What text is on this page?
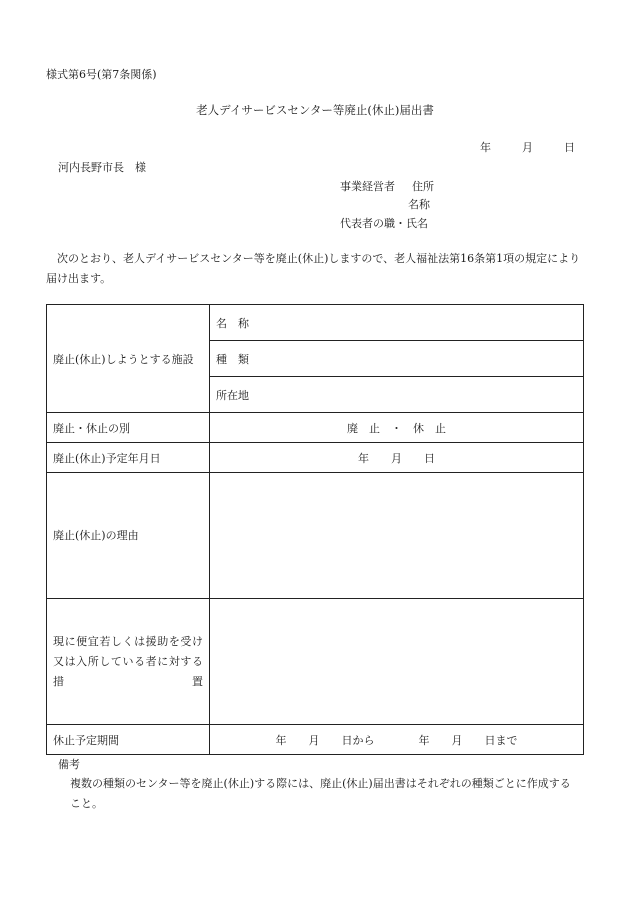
様式第6号(第7条関係)
老人デイサービスセンター等廃止(休止)届出書
年	月	日
河内長野市長　様
事業経営者 住所
名称
代表者の職・氏名
次のとおり、老人デイサービスセンター等を廃止(休止)しますので、老人福祉法第16条第1項の規定により届け出ます。
廃止(休止)しようとする施設	名　称
	種　類
	所在地
廃止・休止の別	廃　止　・　休　止
廃止(休止)予定年月日	年　　月　　日
廃止(休止)の理由	
現に便宜若しくは援助を受け又は入所している者に対する措置	
休止予定期間	年　　月　　日から　　　　年　　月　　日まで
備考
複数の種類のセンター等を廃止(休止)する際には、廃止(休止)届出書はそれぞれの種類ごとに作成すること。
